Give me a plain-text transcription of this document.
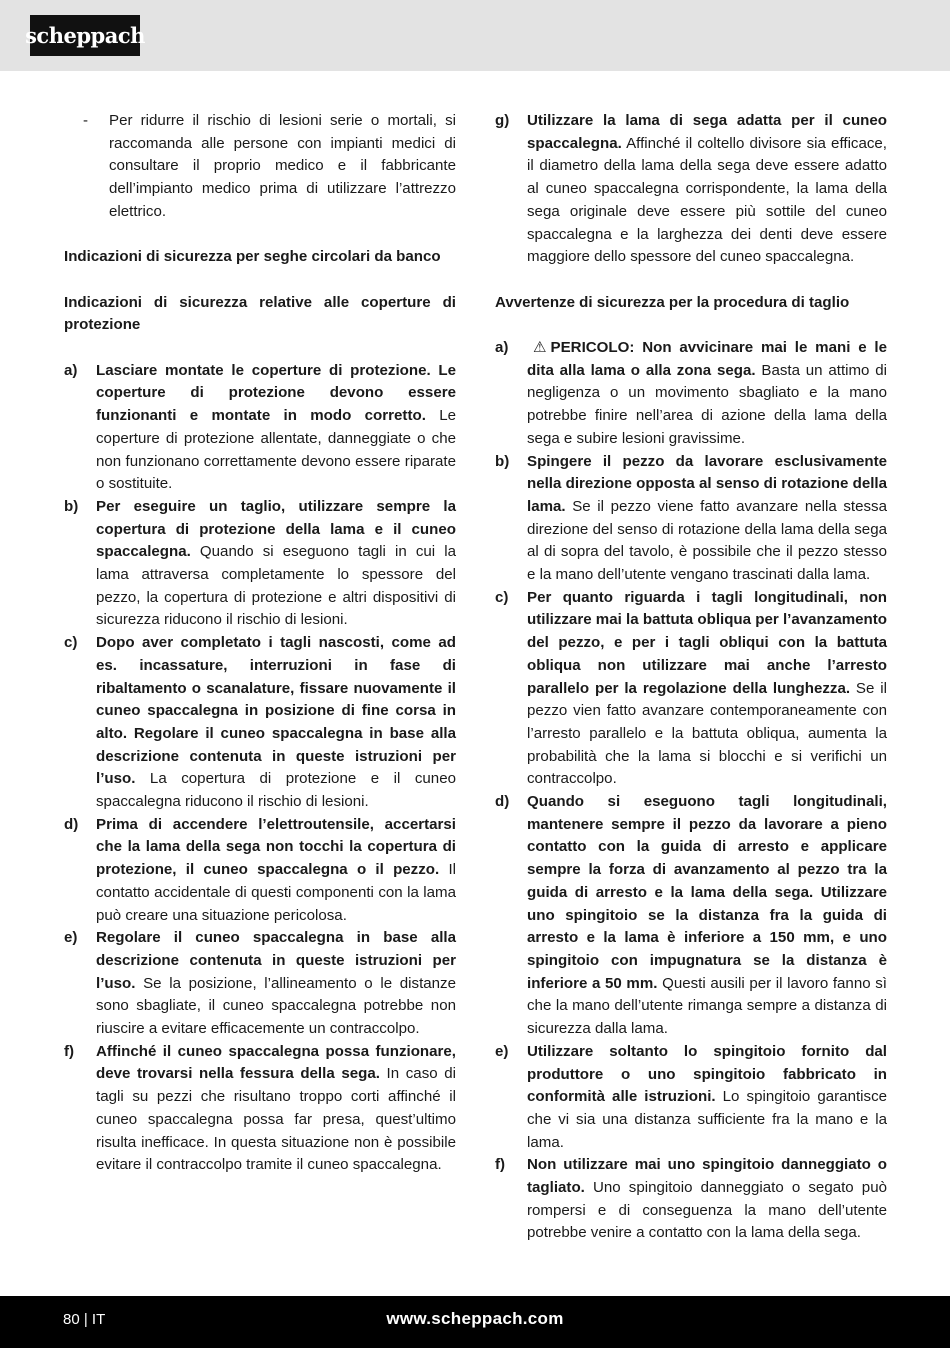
scheppach
-	Per ridurre il rischio di lesioni serie o mortali, si raccomanda alle persone con impianti medici di consultare il proprio medico e il fabbricante dell’impianto medico prima di utilizzare l’attrezzo elettrico.

Indicazioni di sicurezza per seghe circolari da banco

Indicazioni di sicurezza relative alle coperture di protezione

a)	Lasciare montate le coperture di protezione. Le coperture di protezione devono essere funzionanti e montate in modo corretto. Le coperture di protezione allentate, danneggiate o che non funzionano correttamente devono essere riparate o sostituite.
b)	Per eseguire un taglio, utilizzare sempre la copertura di protezione della lama e il cuneo spaccalegna. Quando si eseguono tagli in cui la lama attraversa completamente lo spessore del pezzo, la copertura di protezione e altri dispositivi di sicurezza riducono il rischio di lesioni.
c)	Dopo aver completato i tagli nascosti, come ad es. incassature, interruzioni in fase di ribaltamento o scanalature, fissare nuovamente il cuneo spaccalegna in posizione di fine corsa in alto. Regolare il cuneo spaccalegna in base alla descrizione contenuta in queste istruzioni per l’uso. La copertura di protezione e il cuneo spaccalegna riducono il rischio di lesioni.
d)	Prima di accendere l’elettroutensile, accertarsi che la lama della sega non tocchi la copertura di protezione, il cuneo spaccalegna o il pezzo. Il contatto accidentale di questi componenti con la lama può creare una situazione pericolosa.
e)	Regolare il cuneo spaccalegna in base alla descrizione contenuta in queste istruzioni per l’uso. Se la posizione, l’allineamento o le distanze sono sbagliate, il cuneo spaccalegna potrebbe non riuscire a evitare efficacemente un contraccolpo.
f)	Affinché il cuneo spaccalegna possa funzionare, deve trovarsi nella fessura della sega. In caso di tagli su pezzi che risultano troppo corti affinché il cuneo spaccalegna possa far presa, quest’ultimo risulta inefficace. In questa situazione non è possibile evitare il contraccolpo tramite il cuneo spaccalegna.
g)	Utilizzare la lama di sega adatta per il cuneo spaccalegna. Affinché il coltello divisore sia efficace, il diametro della lama della sega deve essere adatto al cuneo spaccalegna corrispondente, la lama della sega originale deve essere più sottile del cuneo spaccalegna e la larghezza dei denti deve essere maggiore dello spessore del cuneo spaccalegna.

Avvertenze di sicurezza per la procedura di taglio

a)	⚠ PERICOLO: Non avvicinare mai le mani e le dita alla lama o alla zona sega. Basta un attimo di negligenza o un movimento sbagliato e la mano potrebbe finire nell’area di azione della lama della sega e subire lesioni gravissime.
b)	Spingere il pezzo da lavorare esclusivamente nella direzione opposta al senso di rotazione della lama. Se il pezzo viene fatto avanzare nella stessa direzione del senso di rotazione della lama della sega al di sopra del tavolo, è possibile che il pezzo stesso e la mano dell’utente vengano trascinati dalla lama.
c)	Per quanto riguarda i tagli longitudinali, non utilizzare mai la battuta obliqua per l’avanzamento del pezzo, e per i tagli obliqui con la battuta obliqua non utilizzare mai anche l’arresto parallelo per la regolazione della lunghezza. Se il pezzo vien fatto avanzare contemporaneamente con l’arresto parallelo e la battuta obliqua, aumenta la probabilità che la lama si blocchi e si verifichi un contraccolpo.
d)	Quando si eseguono tagli longitudinali, mantenere sempre il pezzo da lavorare a pieno contatto con la guida di arresto e applicare sempre la forza di avanzamento al pezzo tra la guida di arresto e la lama della sega. Utilizzare uno spingitoio se la distanza fra la guida di arresto e la lama è inferiore a 150 mm, e uno spingitoio con impugnatura se la distanza è inferiore a 50 mm. Questi ausili per il lavoro fanno sì che la mano dell’utente rimanga sempre a distanza di sicurezza dalla lama.
e)	Utilizzare soltanto lo spingitoio fornito dal produttore o uno spingitoio fabbricato in conformità alle istruzioni. Lo spingitoio garantisce che vi sia una distanza sufficiente fra la mano e la lama.
f)	Non utilizzare mai uno spingitoio danneggiato o tagliato. Uno spingitoio danneggiato o segato può rompersi e di conseguenza la mano dell’utente potrebbe venire a contatto con la lama della sega.
80 | IT	www.scheppach.com
